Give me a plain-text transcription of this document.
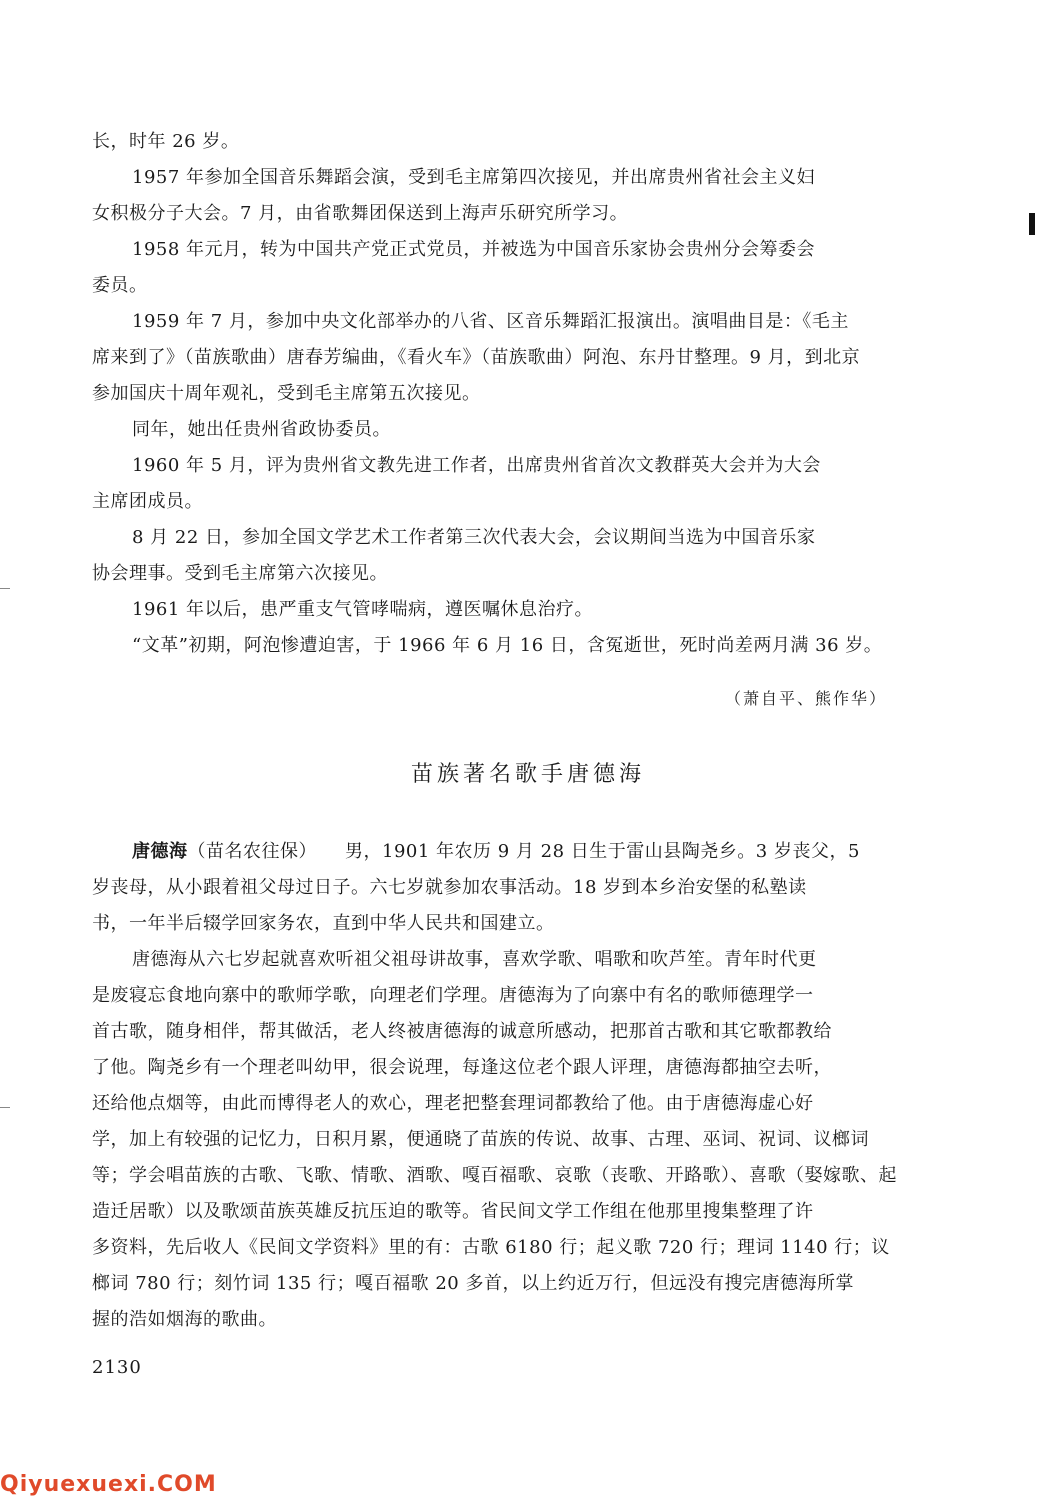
长，时年 26 岁。
1957 年参加全国音乐舞蹈会演，受到毛主席第四次接见，并出席贵州省社会主义妇
女积极分子大会。7 月，由省歌舞团保送到上海声乐研究所学习。
1958 年元月，转为中国共产党正式党员，并被选为中国音乐家协会贵州分会筹委会
委员。
1959 年 7 月，参加中央文化部举办的八省、区音乐舞蹈汇报演出。演唱曲目是：《毛主
席来到了》（苗族歌曲）唐春芳编曲，《看火车》（苗族歌曲）阿泡、东丹甘整理。9 月，到北京
参加国庆十周年观礼，受到毛主席第五次接见。
同年，她出任贵州省政协委员。
1960 年 5 月，评为贵州省文教先进工作者，出席贵州省首次文教群英大会并为大会
主席团成员。
8 月 22 日，参加全国文学艺术工作者第三次代表大会，会议期间当选为中国音乐家
协会理事。受到毛主席第六次接见。
1961 年以后，患严重支气管哮喘病，遵医嘱休息治疗。
“文革”初期，阿泡惨遭迫害，于 1966 年 6 月 16 日，含冤逝世，死时尚差两月满 36 岁。
（萧自平、熊作华）
苗族著名歌手唐德海
唐德海（苗名农往保）　　男，1901 年农历 9 月 28 日生于雷山县陶尧乡。3 岁丧父，5
岁丧母，从小跟着祖父母过日子。六七岁就参加农事活动。18 岁到本乡治安堡的私塾读
书，一年半后辍学回家务农，直到中华人民共和国建立。
唐德海从六七岁起就喜欢听祖父祖母讲故事，喜欢学歌、唱歌和吹芦笙。青年时代更
是废寝忘食地向寨中的歌师学歌，向理老们学理。唐德海为了向寨中有名的歌师德理学一
首古歌，随身相伴，帮其做活，老人终被唐德海的诚意所感动，把那首古歌和其它歌都教给
了他。陶尧乡有一个理老叫幼甲，很会说理，每逢这位老个跟人评理，唐德海都抽空去听，
还给他点烟等，由此而博得老人的欢心，理老把整套理词都教给了他。由于唐德海虚心好
学，加上有较强的记忆力，日积月累，便通晓了苗族的传说、故事、古理、巫词、祝词、议榔词
等；学会唱苗族的古歌、飞歌、情歌、酒歌、嘎百福歌、哀歌（丧歌、开路歌）、喜歌（娶嫁歌、起
造迁居歌）以及歌颂苗族英雄反抗压迫的歌等。省民间文学工作组在他那里搜集整理了许
多资料，先后收人《民间文学资料》里的有：古歌 6180 行；起义歌 720 行；理词 1140 行；议
榔词 780 行；刻竹词 135 行；嘎百福歌 20 多首，以上约近万行，但远没有搜完唐德海所掌
握的浩如烟海的歌曲。
2130
Qiyuexuexi.COM
